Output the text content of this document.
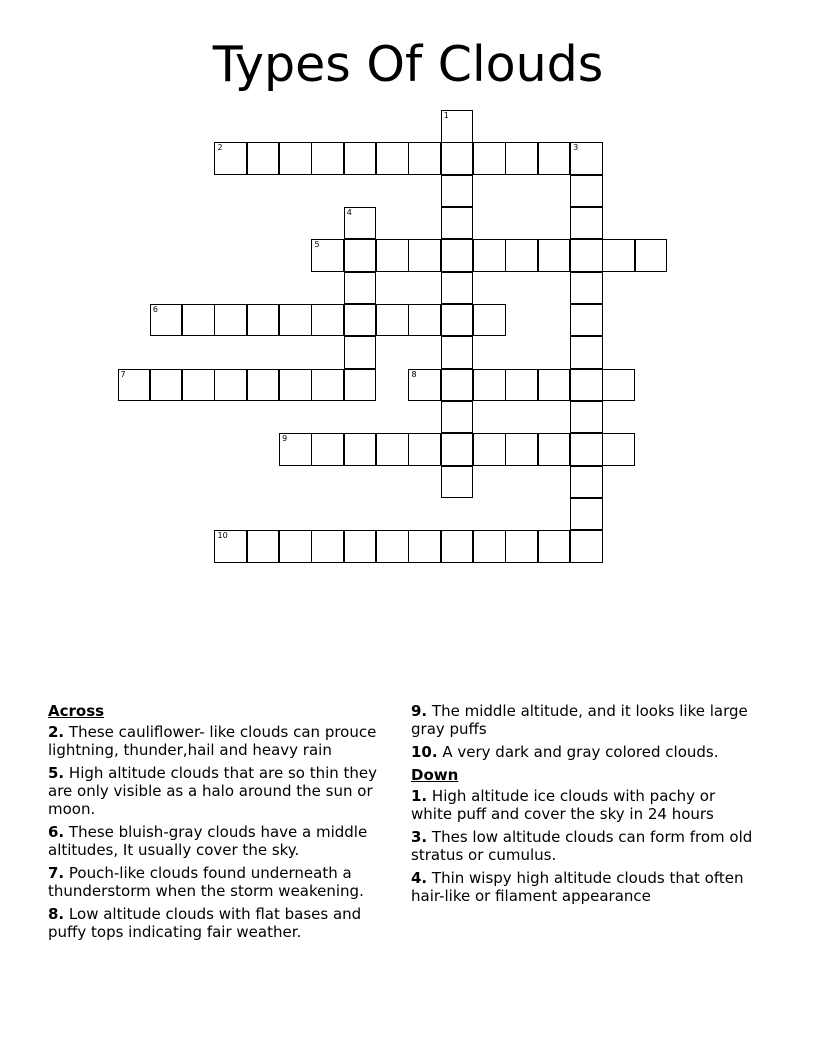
Types Of Clouds
1
2	3
4
5
6
7	8
9
10
Across
2. These cauliflower- like clouds can prouce lightning, thunder,hail and heavy rain
5. High altitude clouds that are so thin they are only visible as a halo around the sun or moon.
6. These bluish-gray clouds have a middle altitudes, It usually cover the sky.
7. Pouch-like clouds found underneath a thunderstorm when the storm weakening.
8. Low altitude clouds with flat bases and puffy tops indicating fair weather.
9. The middle altitude, and it looks like large gray puffs
10. A very dark and gray colored clouds.
Down
1. High altitude ice clouds with pachy or white puff and cover the sky in 24 hours
3. Thes low altitude clouds can form from old stratus or cumulus.
4. Thin wispy high altitude clouds that often hair-like or filament appearance
